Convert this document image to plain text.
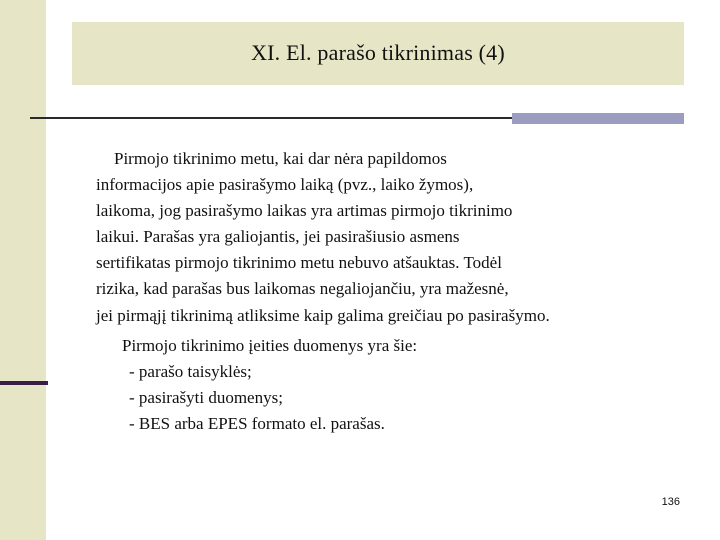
XI. El. parašo tikrinimas (4)
Pirmojo tikrinimo metu, kai dar nėra papildomos
informacijos apie pasirašymo laiką (pvz., laiko žymos),
laikoma, jog pasirašymo laikas yra artimas pirmojo tikrinimo
laikui. Parašas yra galiojantis, jei pasirašiusio asmens
sertifikatas pirmojo tikrinimo metu nebuvo atšauktas. Todėl
rizika, kad parašas bus laikomas negaliojančiu, yra mažesnė,
jei pirmąjį tikrinimą atliksime kaip galima greičiau po pasirašymo.
Pirmojo tikrinimo įeities duomenys yra šie:
- parašo taisyklės;
- pasirašyti duomenys;
- BES arba EPES formato el. parašas.
136
